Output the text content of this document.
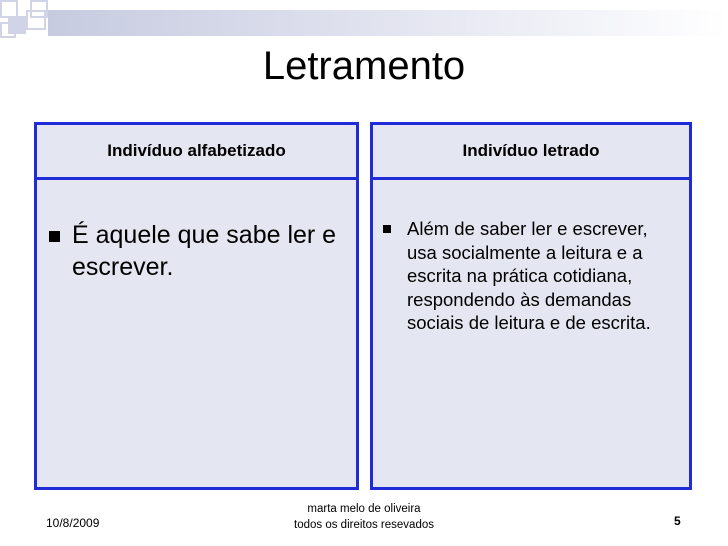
Letramento
Indivíduo alfabetizado
É aquele que sabe ler e escrever.
Indivíduo letrado
Além de saber ler e escrever, usa socialmente a leitura e a escrita na prática cotidiana, respondendo às demandas sociais de leitura e de escrita.
10/8/2009
marta melo de oliveira
todos os direitos resevados	5
